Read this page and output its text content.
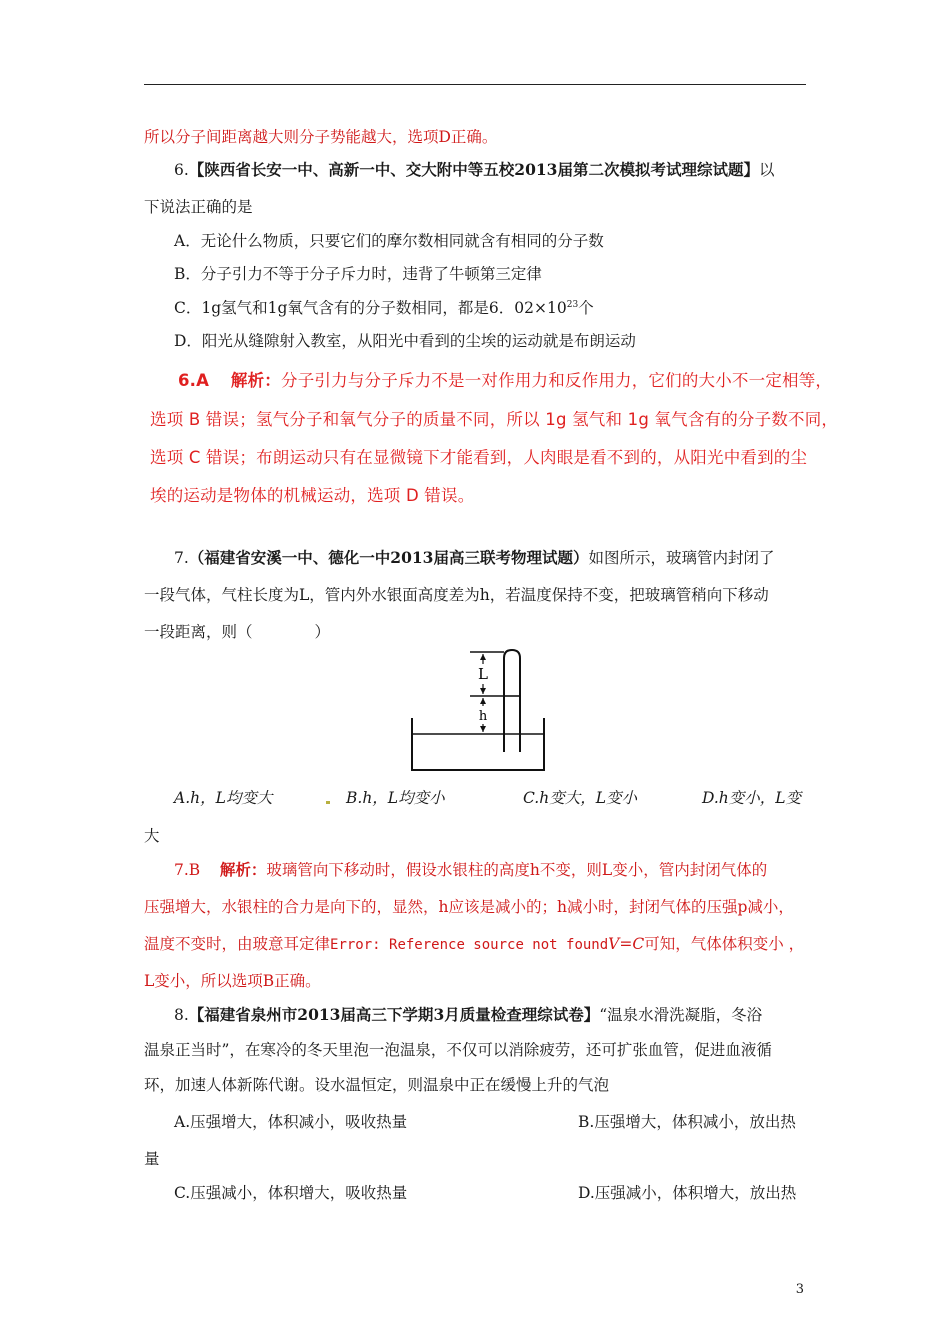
所以分子间距离越大则分子势能越大，选项D正确。
6.【陕西省长安一中、高新一中、交大附中等五校2013届第二次模拟考试理综试题】以
下说法正确的是
A．无论什么物质，只要它们的摩尔数相同就含有相同的分子数
B．分子引力不等于分子斥力时，违背了牛顿第三定律
C．1g氢气和1g氧气含有的分子数相同，都是6．$02\times 10^{23}$个
D．阳光从缝隙射入教室，从阳光中看到的尘埃的运动就是布朗运动
6.A 解析：分子引力与分子斥力不是一对作用力和反作用力，它们的大小不一定相等，
选项 B 错误；氢气分子和氧气分子的质量不同，所以 1g 氢气和 1g 氧气含有的分子数不同，
选项 C 错误；布朗运动只有在显微镜下才能看到，人肉眼是看不到的，从阳光中看到的尘
埃的运动是物体的机械运动，选项 D 错误。
7.（福建省安溪一中、德化一中2013届高三联考物理试题）如图所示，玻璃管内封闭了
一段气体，气柱长度为L，管内外水银面高度差为h，若温度保持不变，把玻璃管稍向下移动
一段距离，则（　　　　）
L
h
A.h，L均变大	B.h，L均变小	C.h变大，L变小	D.h变小，L变
大
7.B 解析：玻璃管向下移动时，假设水银柱的高度h不变，则L变小，管内封闭气体的
压强增大，水银柱的合力是向下的，显然，h应该是减小的；h减小时，封闭气体的压强p减小，
温度不变时，由玻意耳定律Error: Reference source not foundV=C可知，气体体积变小 ，
L变小，所以选项B正确。
8.【福建省泉州市2013届高三下学期3月质量检查理综试卷】“温泉水滑洗凝脂，冬浴
温泉正当时”，在寒冷的冬天里泡一泡温泉，不仅可以消除疲劳，还可扩张血管，促进血液循
环，加速人体新陈代谢。设水温恒定，则温泉中正在缓慢上升的气泡
A.压强增大，体积减小，吸收热量	B.压强增大，体积减小，放出热
量
C.压强减小，体积增大，吸收热量	D.压强减小，体积增大，放出热
3
